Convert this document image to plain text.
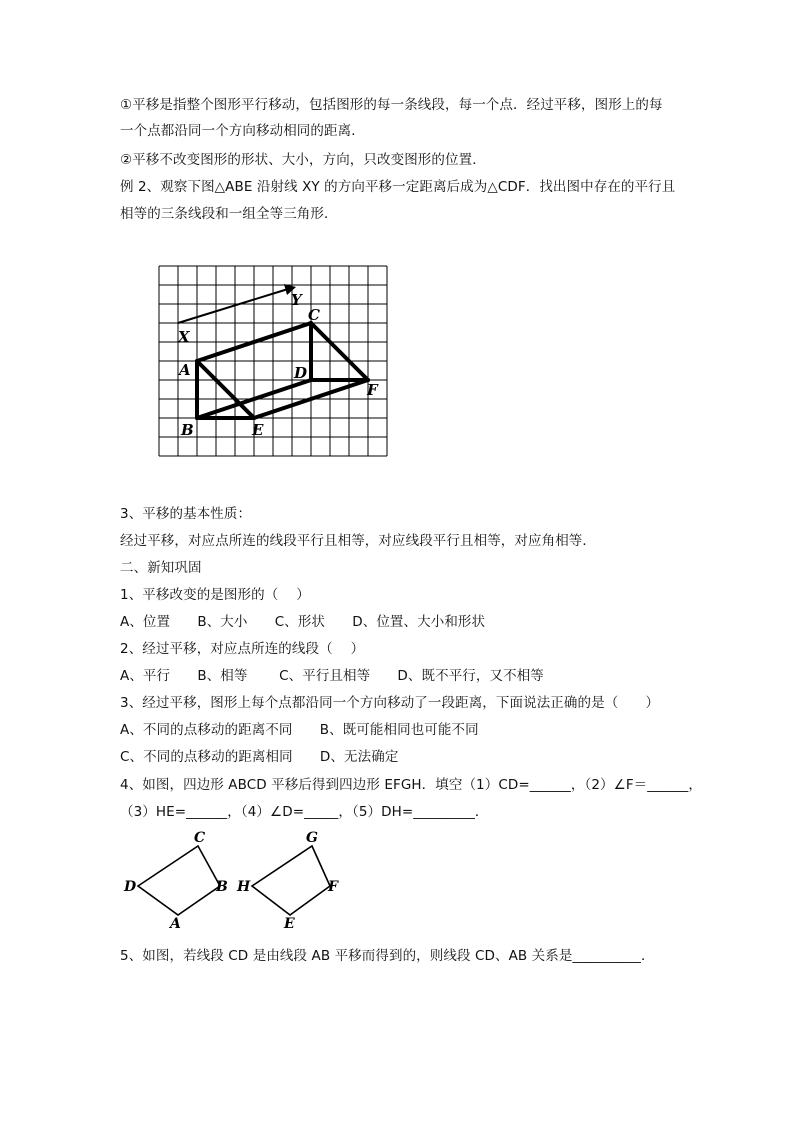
①平移是指整个图形平行移动，包括图形的每一条线段，每一个点．经过平移，图形上的每
一个点都沿同一个方向移动相同的距离．
②平移不改变图形的形状、大小，方向，只改变图形的位置．
例 2、观察下图△ABE 沿射线 XY 的方向平移一定距离后成为△CDF．找出图中存在的平行且
相等的三条线段和一组全等三角形．
Y
X
C
A	D
F
B	E
3、平移的基本性质：
经过平移，对应点所连的线段平行且相等，对应线段平行且相等，对应角相等．
二、新知巩固
1、平移改变的是图形的（　 ）
A、位置　　B、大小　　C、形状　　D、位置、大小和形状
2、经过平移，对应点所连的线段（　 ）
A、平行　　B、相等　　 C、平行且相等　　D、既不平行，又不相等
3、经过平移，图形上每个点都沿同一个方向移动了一段距离，下面说法正确的是（　　）
A、不同的点移动的距离不同　　B、既可能相同也可能不同
C、不同的点移动的距离相同　　D、无法确定
4、如图，四边形 ABCD 平移后得到四边形 EFGH．填空（1）CD=______，（2）∠F＝______，
（3）HE=______，（4）∠D=_____，（5）DH=_________．
C
D	B
A
G
H	F
E
5、如图，若线段 CD 是由线段 AB 平移而得到的，则线段 CD、AB 关系是__________．
